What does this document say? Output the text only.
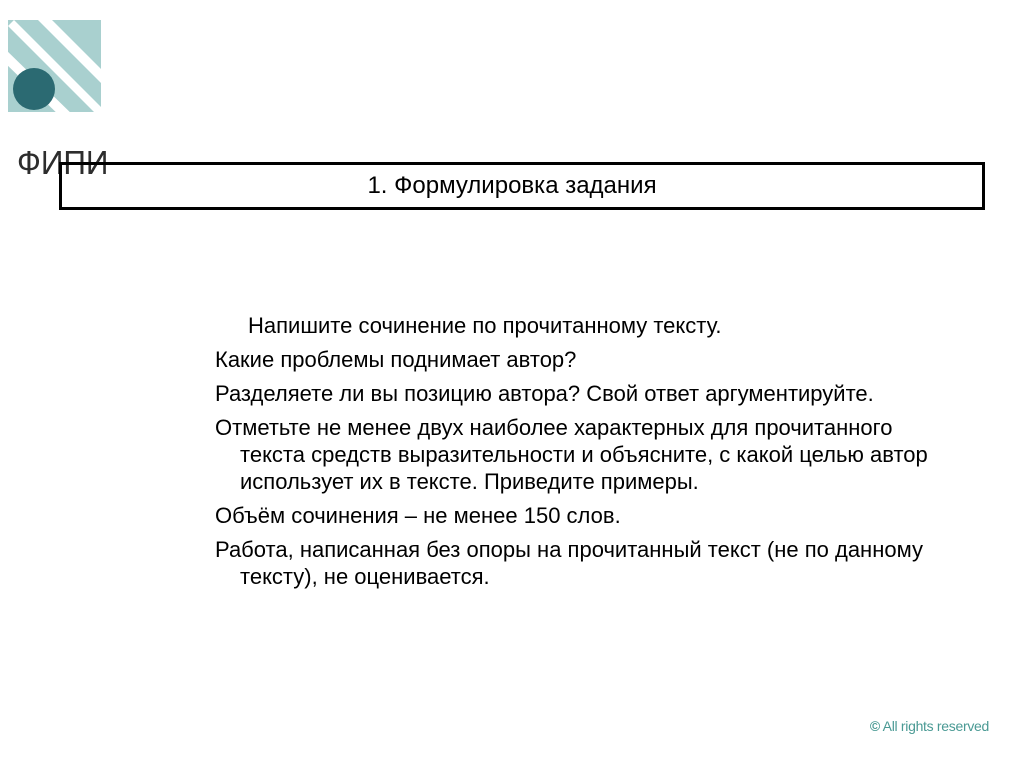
ФИПИ
1. Формулировка задания

Напишите сочинение по прочитанному тексту.

Какие проблемы поднимает автор?

Разделяете ли вы позицию автора? Свой ответ аргументируйте.

Отметьте не менее двух наиболее характерных для прочитанного текста средств выразительности и объясните, с какой целью автор использует их в тексте. Приведите примеры.

Объём сочинения – не менее 150 слов.

Работа, написанная без опоры на прочитанный текст (не по данному тексту), не оценивается.

© All rights reserved
